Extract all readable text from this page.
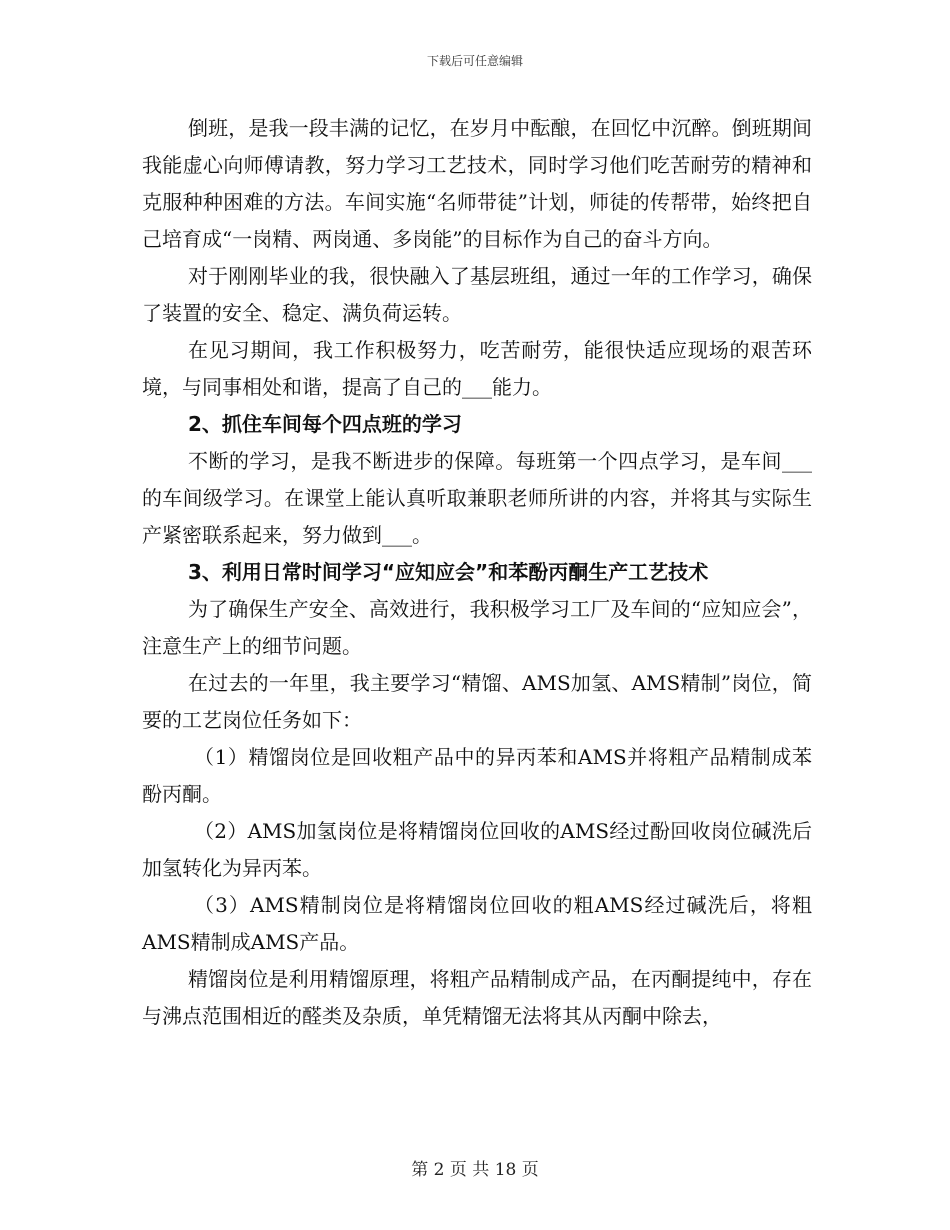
下载后可任意编辑

倒班，是我一段丰满的记忆，在岁月中酝酿，在回忆中沉醉。倒班期间我能虚心向师傅请教，努力学习工艺技术，同时学习他们吃苦耐劳的精神和克服种种困难的方法。车间实施“名师带徒”计划，师徒的传帮带，始终把自己培育成“一岗精、两岗通、多岗能”的目标作为自己的奋斗方向。

对于刚刚毕业的我，很快融入了基层班组，通过一年的工作学习，确保了装置的安全、稳定、满负荷运转。

在见习期间，我工作积极努力，吃苦耐劳，能很快适应现场的艰苦环境，与同事相处和谐，提高了自己的___能力。

2、抓住车间每个四点班的学习

不断的学习，是我不断进步的保障。每班第一个四点学习，是车间___的车间级学习。在课堂上能认真听取兼职老师所讲的内容，并将其与实际生产紧密联系起来，努力做到___。

3、利用日常时间学习“应知应会”和苯酚丙酮生产工艺技术

为了确保生产安全、高效进行，我积极学习工厂及车间的“应知应会”，注意生产上的细节问题。

在过去的一年里，我主要学习“精馏、AMS加氢、AMS精制”岗位，简要的工艺岗位任务如下：

（1）精馏岗位是回收粗产品中的异丙苯和AMS并将粗产品精制成苯酚丙酮。

（2）AMS加氢岗位是将精馏岗位回收的AMS经过酚回收岗位碱洗后加氢转化为异丙苯。

（3）AMS精制岗位是将精馏岗位回收的粗AMS经过碱洗后，将粗AMS精制成AMS产品。

精馏岗位是利用精馏原理，将粗产品精制成产品，在丙酮提纯中，存在与沸点范围相近的醛类及杂质，单凭精馏无法将其从丙酮中除去，

第 2 页 共 18 页
